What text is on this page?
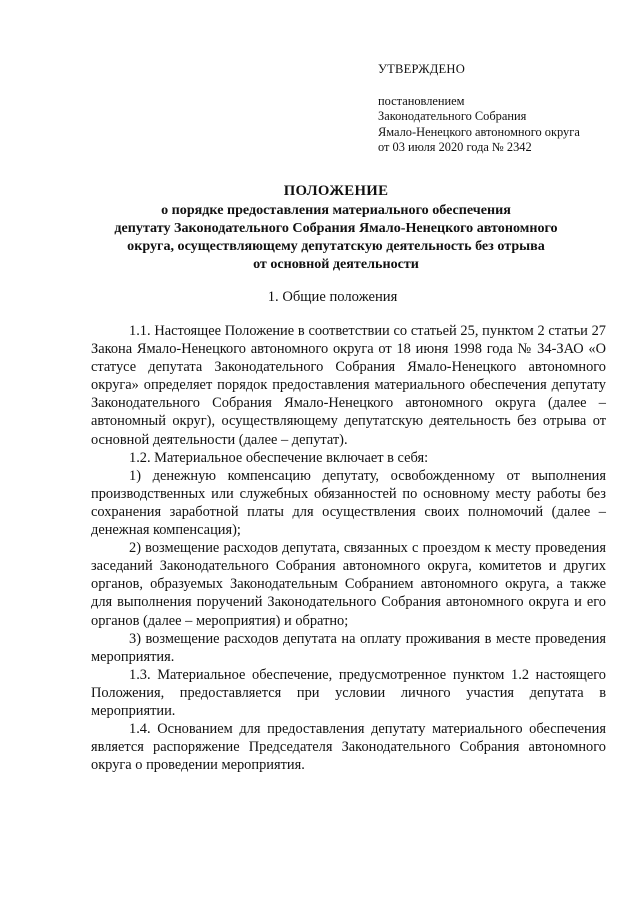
УТВЕРЖДЕНО
постановлением
Законодательного Собрания
Ямало-Ненецкого автономного округа
от 03 июля 2020 года № 2342
ПОЛОЖЕНИЕ
о порядке предоставления материального обеспечения
депутату Законодательного Собрания Ямало-Ненецкого автономного
округа, осуществляющему депутатскую деятельность без отрыва
от основной деятельности
1. Общие положения

1.1. Настоящее Положение в соответствии со статьей 25, пунктом 2 статьи 27 Закона Ямало-Ненецкого автономного округа от 18 июня 1998 года № 34-ЗАО «О статусе депутата Законодательного Собрания Ямало-Ненецкого автономного округа» определяет порядок предоставления материального обеспечения депутату Законодательного Собрания Ямало-Ненецкого автономного округа (далее – автономный округ), осуществляющему депутатскую деятельность без отрыва от основной деятельности (далее – депутат).

1.2. Материальное обеспечение включает в себя:

1) денежную компенсацию депутату, освобожденному от выполнения производственных или служебных обязанностей по основному месту работы без сохранения заработной платы для осуществления своих полномочий (далее – денежная компенсация);

2) возмещение расходов депутата, связанных с проездом к месту проведения заседаний Законодательного Собрания автономного округа, комитетов и других органов, образуемых Законодательным Собранием автономного округа, а также для выполнения поручений Законодательного Собрания автономного округа и его органов (далее – мероприятия) и обратно;

3) возмещение расходов депутата на оплату проживания в месте проведения мероприятия.

1.3. Материальное обеспечение, предусмотренное пунктом 1.2 настоящего Положения, предоставляется при условии личного участия депутата в мероприятии.

1.4. Основанием для предоставления депутату материального обеспечения является распоряжение Председателя Законодательного Собрания автономного округа о проведении мероприятия.
